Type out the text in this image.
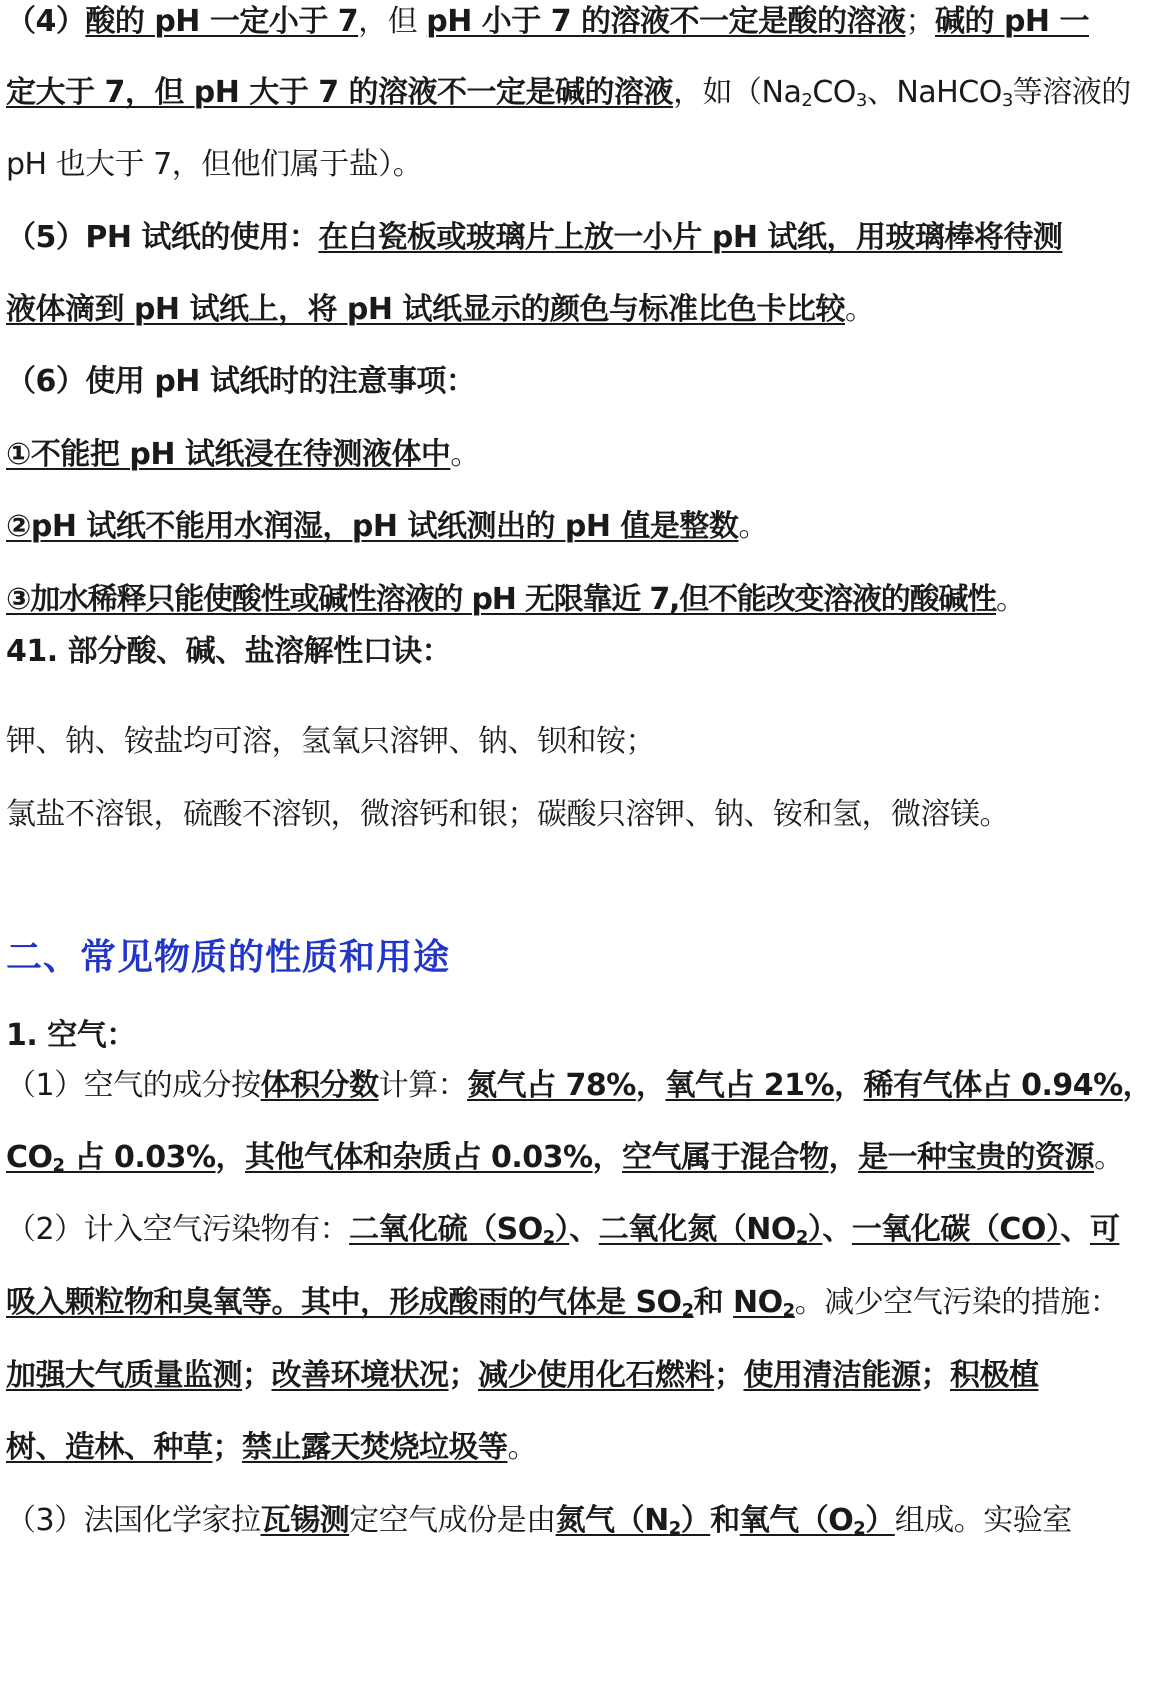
（4）酸的 pH 一定小于 7，但 pH 小于 7 的溶液不一定是酸的溶液；碱的 pH 一
定大于 7，但 pH 大于 7 的溶液不一定是碱的溶液，如（$Na_2CO_3$、NaHCO$_3$等溶液的
pH 也大于 7，但他们属于盐）。
（5）PH 试纸的使用：在白瓷板或玻璃片上放一小片 pH 试纸，用玻璃棒将待测
液体滴到 pH 试纸上，将 pH 试纸显示的颜色与标准比色卡比较。
（6）使用 pH 试纸时的注意事项：
①不能把 pH 试纸浸在待测液体中。
②pH 试纸不能用水润湿，pH 试纸测出的 pH 值是整数。
③加水稀释只能使酸性或碱性溶液的 pH 无限靠近 7,但不能改变溶液的酸碱性。
41. 部分酸、碱、盐溶解性口诀：
钾、钠、铵盐均可溶，氢氧只溶钾、钠、钡和铵；
氯盐不溶银，硫酸不溶钡，微溶钙和银；碳酸只溶钾、钠、铵和氢，微溶镁。
二、常见物质的性质和用途
1. 空气：
（1）空气的成分按体积分数计算：氮气占 78%，氧气占 21%，稀有气体占 0.94%，
$CO_2$ 占 0.03%，其他气体和杂质占 0.03%，空气属于混合物，是一种宝贵的资源。
（2）计入空气污染物有：二氧化硫$(SO_2)$、二氧化氮$(NO_2)$、一氧化碳（CO）、可
吸入颗粒物和臭氧等。其中，形成酸雨的气体是 $SO_2$和 $NO_2$。减少空气污染的措施：
加强大气质量监测；改善环境状况；减少使用化石燃料；使用清洁能源；积极植
树、造林、种草；禁止露天焚烧垃圾等。
（3）法国化学家拉瓦锡测定空气成份是由氮气$(N_2)$和氧气$(O_2)$组成。实验室
